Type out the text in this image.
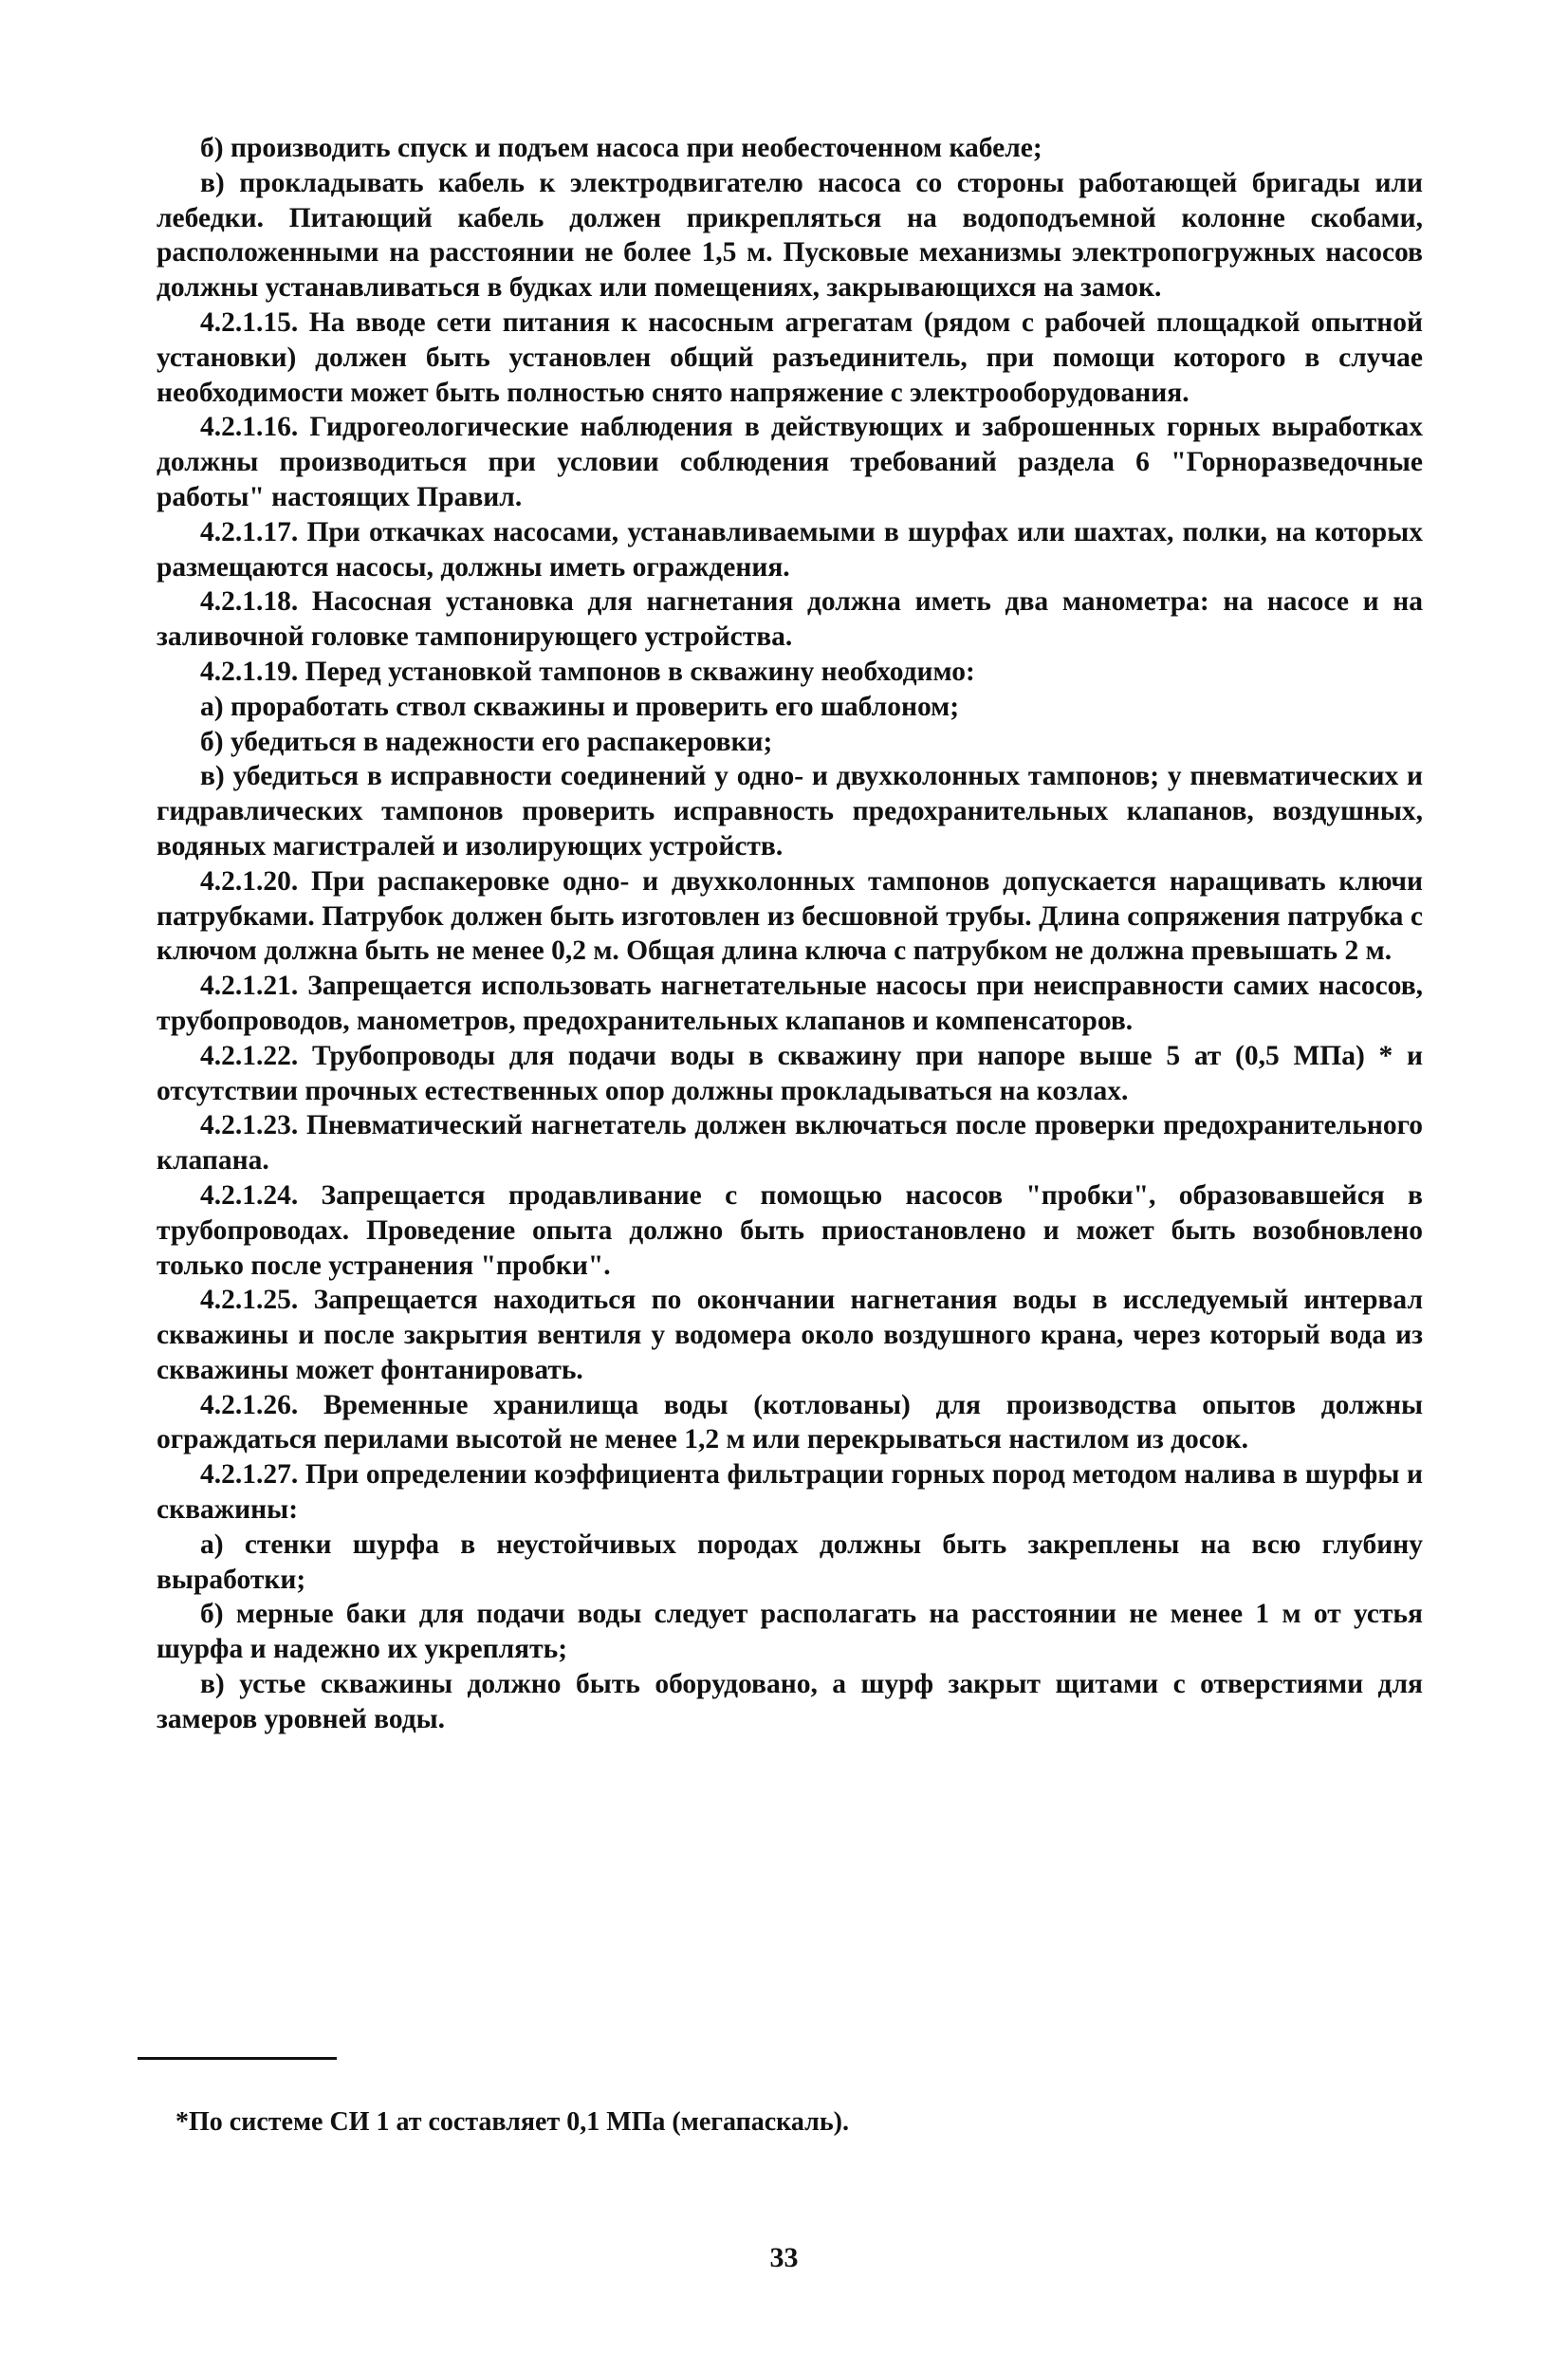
б) производить спуск и подъем насоса при необесточенном кабеле;

в) прокладывать кабель к электродвигателю насоса со стороны работающей бригады или лебедки. Питающий кабель должен прикрепляться на водоподъемной колонне скобами, расположенными на расстоянии не более 1,5 м. Пусковые механизмы электропогружных насосов должны устанавливаться в будках или помещениях, закрывающихся на замок.

4.2.1.15. На вводе сети питания к насосным агрегатам (рядом с рабочей площадкой опытной установки) должен быть установлен общий разъединитель, при помощи которого в случае необходимости может быть полностью снято напряжение с электрооборудования.

4.2.1.16. Гидрогеологические наблюдения в действующих и заброшенных горных выработках должны производиться при условии соблюдения требований раздела 6 "Горноразведочные работы" настоящих Правил.

4.2.1.17. При откачках насосами, устанавливаемыми в шурфах или шахтах, полки, на которых размещаются насосы, должны иметь ограждения.

4.2.1.18. Насосная установка для нагнетания должна иметь два манометра: на насосе и на заливочной головке тампонирующего устройства.

4.2.1.19. Перед установкой тампонов в скважину необходимо:

а) проработать ствол скважины и проверить его шаблоном;

б) убедиться в надежности его распакеровки;

в) убедиться в исправности соединений у одно- и двухколонных тампонов; у пневматических и гидравлических тампонов проверить исправность предохранительных клапанов, воздушных, водяных магистралей и изолирующих устройств.

4.2.1.20. При распакеровке одно- и двухколонных тампонов допускается наращивать ключи патрубками. Патрубок должен быть изготовлен из бесшовной трубы. Длина сопряжения патрубка с ключом должна быть не менее 0,2 м. Общая длина ключа с патрубком не должна превышать 2 м.

4.2.1.21. Запрещается использовать нагнетательные насосы при неисправности самих насосов, трубопроводов, манометров, предохранительных клапанов и компенсаторов.

4.2.1.22. Трубопроводы для подачи воды в скважину при напоре выше 5 ат (0,5 МПа) * и отсутствии прочных естественных опор должны прокладываться на козлах.

4.2.1.23. Пневматический нагнетатель должен включаться после проверки предохранительного клапана.

4.2.1.24. Запрещается продавливание с помощью насосов "пробки", образовавшейся в трубопроводах. Проведение опыта должно быть приостановлено и может быть возобновлено только после устранения "пробки".

4.2.1.25. Запрещается находиться по окончании нагнетания воды в исследуемый интервал скважины и после закрытия вентиля у водомера около воздушного крана, через который вода из скважины может фонтанировать.

4.2.1.26. Временные хранилища воды (котлованы) для производства опытов должны ограждаться перилами высотой не менее 1,2 м или перекрываться настилом из досок.

4.2.1.27. При определении коэффициента фильтрации горных пород методом налива в шурфы и скважины:

а) стенки шурфа в неустойчивых породах должны быть закреплены на всю глубину выработки;

б) мерные баки для подачи воды следует располагать на расстоянии не менее 1 м от устья шурфа и надежно их укреплять;

в) устье скважины должно быть оборудовано, а шурф закрыт щитами с отверстиями для замеров уровней воды.

*По системе СИ 1 ат составляет 0,1 МПа (мегапаскаль).

33
